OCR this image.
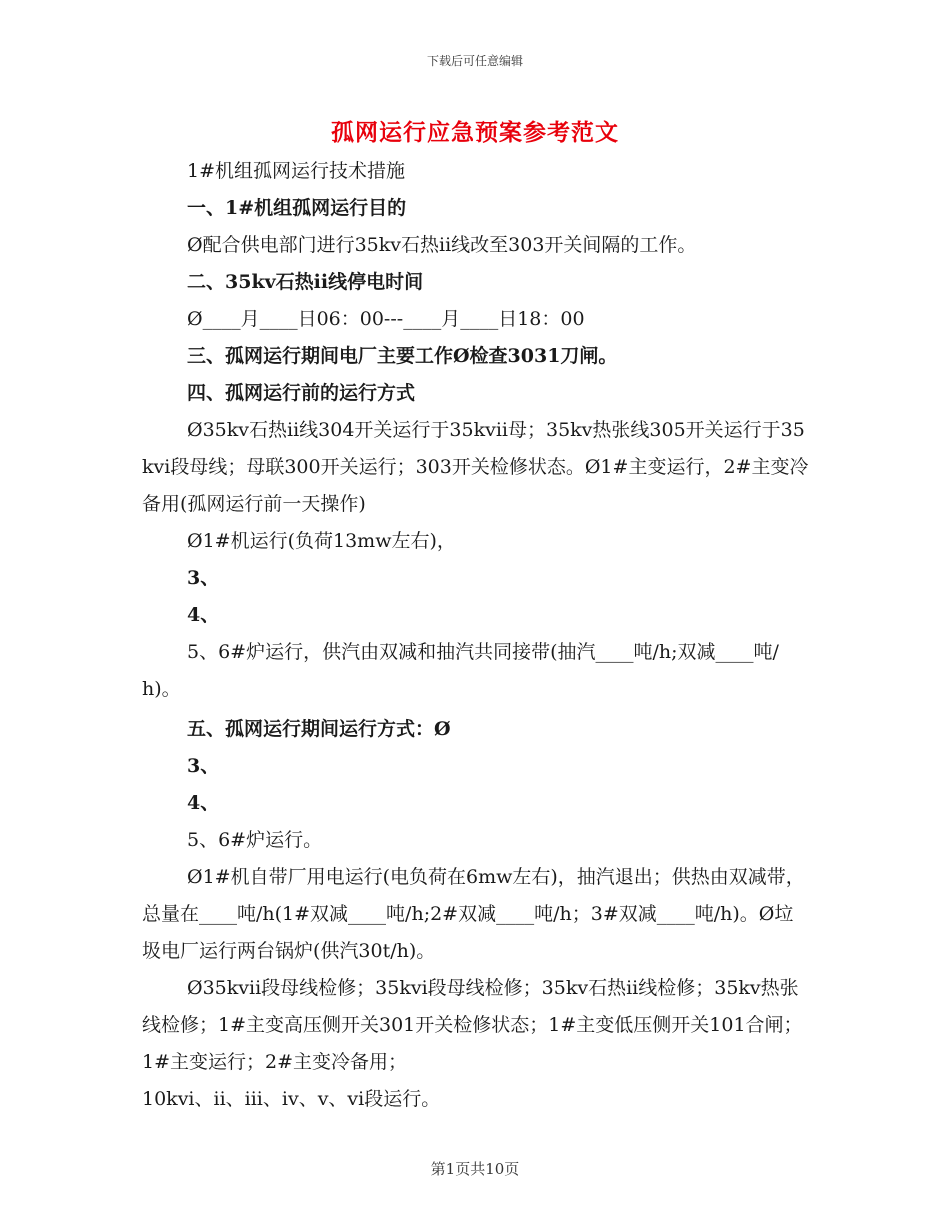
下载后可任意编辑
孤网运行应急预案参考范文
1#机组孤网运行技术措施
一、1#机组孤网运行目的
Ø配合供电部门进行35kv石热ii线改至303开关间隔的工作。
二、35kv石热ii线停电时间
Ø____月____日06：00---____月____日18：00
三、孤网运行期间电厂主要工作Ø检查3031刀闸。
四、孤网运行前的运行方式
Ø35kv石热ii线304开关运行于35kvii母；35kv热张线305开关运行于35kvi段母线；母联300开关运行；303开关检修状态。Ø1#主变运行，2#主变冷备用(孤网运行前一天操作)
Ø1#机运行(负荷13mw左右)，
3、
4、
5、6#炉运行，供汽由双减和抽汽共同接带(抽汽____吨/h;双减____吨/h)。
五、孤网运行期间运行方式：Ø
3、
4、
5、6#炉运行。
Ø1#机自带厂用电运行(电负荷在6mw左右)，抽汽退出；供热由双减带，总量在____吨/h(1#双减____吨/h;2#双减____吨/h；3#双减____吨/h)。Ø垃圾电厂运行两台锅炉(供汽30t/h)。
Ø35kvii段母线检修；35kvi段母线检修；35kv石热ii线检修；35kv热张线检修；1#主变高压侧开关301开关检修状态；1#主变低压侧开关101合闸；1#主变运行；2#主变冷备用；
10kvi、ii、iii、iv、v、vi段运行。
第1页共10页
